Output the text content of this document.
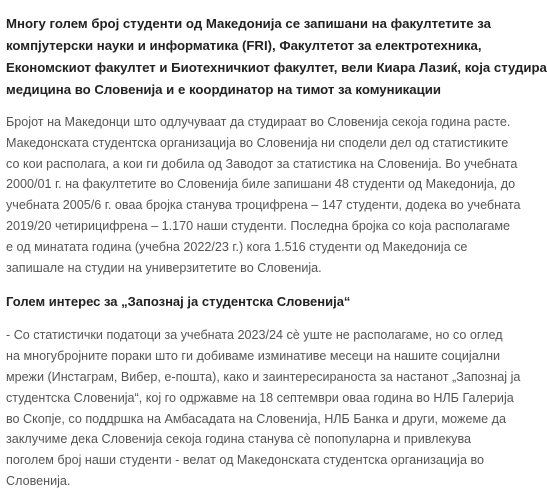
Многу голем број студенти од Македонија се запишани на факултетите за
компјутерски науки и информатика (FRI), Факултетот за електротехника,
Економскиот факултет и Биотехничкиот факултет, вели Киара Лазиќ, која студира
медицина во Словенија и е координатор на тимот за комуникации

Бројот на Македонци што одлучуваат да студираат во Словенија секоја година расте.
Македонската студентска организација во Словенија ни сподели дел од статистиките
со кои располага, а кои ги добила од Заводот за статистика на Словенија. Во учебната
2000/01 г. на факултетите во Словенија биле запишани 48 студенти од Македонија, до
учебната 2005/6 г. оваа бројка станува троцифрена – 147 студенти, додека во учебната
2019/20 четирицифрена – 1.170 наши студенти. Последна бројка со која располагаме
е од минатата година (учебна 2022/23 г.) кога 1.516 студенти од Македонија се
запишале на студии на универзитетите во Словенија.

Голем интерес за „Запознај ја студентска Словенија“

- Со статистички податоци за учебната 2023/24 сè уште не располагаме, но со оглед
на многубројните пораки што ги добиваме изминативе месеци на нашите социјални
мрежи (Инстаграм, Вибер, е-пошта), како и заинтересираноста за настанот „Запознај ја
студентска Словенија“, кој го одржавме на 18 септември оваа година во НЛБ Галерија
во Скопје, со поддршка на Амбасадата на Словенија, НЛБ Банка и други, можеме да
заклучиме дека Словенија секоја година станува сè попопуларна и привлекува
поголем број наши студенти - велат од Македонската студентска организација во
Словенија.
